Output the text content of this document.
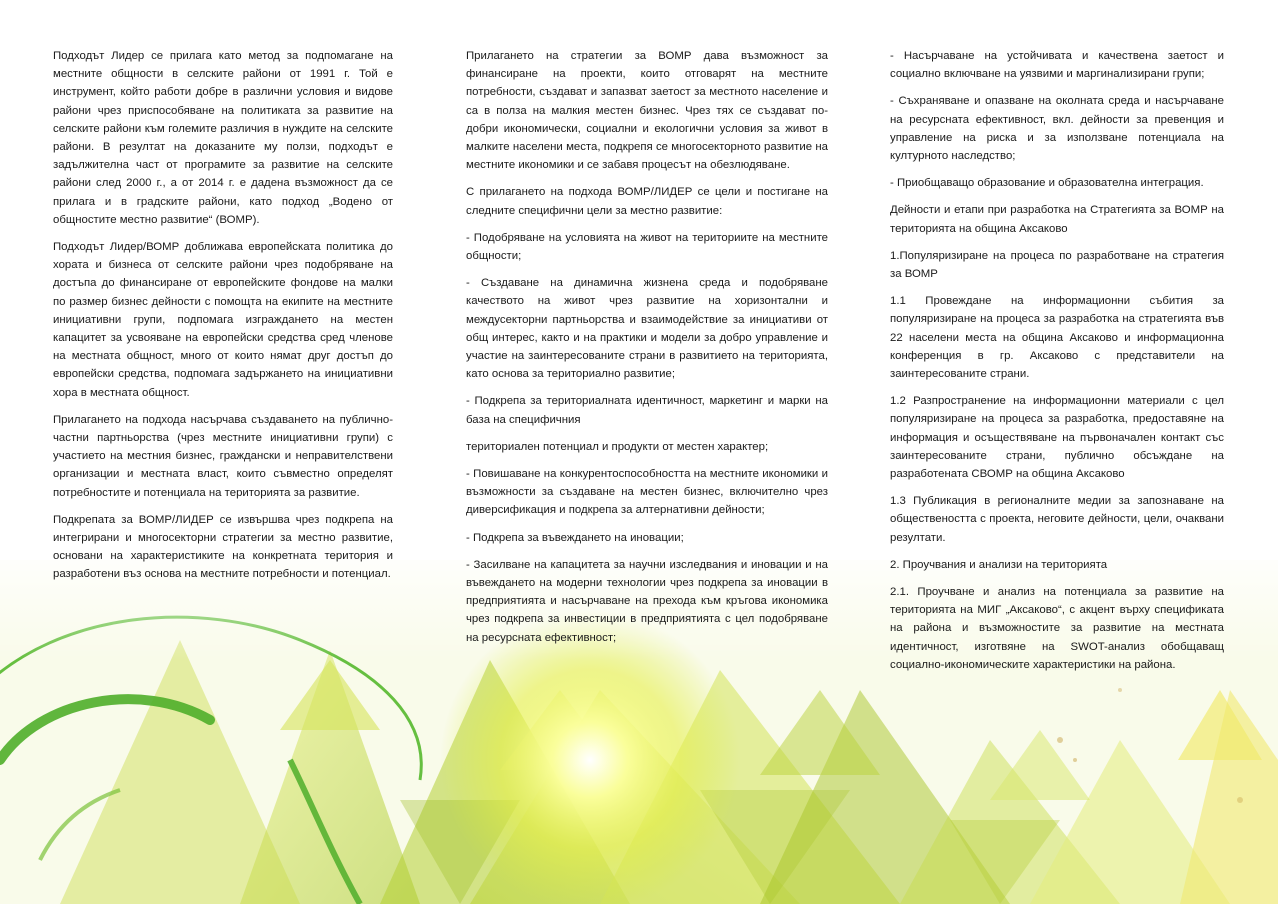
Подходът Лидер се прилага като метод за подпомагане на местните общности в селските райони от 1991 г. Той е инструмент, който работи добре в различни условия и видове райони чрез приспособяване на политиката за развитие на селските райони към големите различия в нуждите на селските райони. В резултат на доказаните му ползи, подходът е задължителна част от програмите за развитие на селските райони след 2000 г., а от 2014 г. е дадена възможност да се прилага и в градските райони, като подход „Водено от общностите местно развитие“ (ВОМР).

Подходът Лидер/ВОМР доближава европейската политика до хората и бизнеса от селските райони чрез подобряване на достъпа до финансиране от европейските фондове на малки по размер бизнес дейности с помощта на екипите на местните инициативни групи, подпомага изграждането на местен капацитет за усвояване на европейски средства сред членове на местната общност, много от които нямат друг достъп до европейски средства, подпомага задържането на инициативни хора в местната общност.

Прилагането на подхода насърчава създаването на публично-частни партньорства (чрез местните инициативни групи) с участието на местния бизнес, граждански и неправителствени организации и местната власт, които съвместно определят потребностите и потенциала на територията за развитие.

Подкрепата за ВОМР/ЛИДЕР се извършва чрез подкрепа на интегрирани и многосекторни стратегии за местно развитие, основани на характеристиките на конкретната територия и разработени въз основа на местните потребности и потенциал.

Прилагането на стратегии за ВОМР дава възможност за финансиране на проекти, които отговарят на местните потребности, създават и запазват заетост за местното население и са в полза на малкия местен бизнес. Чрез тях се създават по-добри икономически, социални и екологични условия за живот в малките населени места, подкрепя се многосекторното развитие на местните икономики и се забавя процесът на обезлюдяване.

С прилагането на подхода ВОМР/ЛИДЕР се цели и постигане на следните специфични цели за местно развитие:

- Подобряване на условията на живот на териториите на местните общности;

- Създаване на динамична жизнена среда и подобряване качеството на живот чрез развитие на хоризонтални и междусекторни партньорства и взаимодействие за инициативи от общ интерес, както и на практики и модели за добро управление и участие на заинтересованите страни в развитието на територията, като основа за териториално развитие;

- Подкрепа за териториалната идентичност, маркетинг и марки на база на специфичния

териториален потенциал и продукти от местен характер;

- Повишаване на конкурентоспособността на местните икономики и възможности за създаване на местен бизнес, включително чрез диверсификация и подкрепа за алтернативни дейности;

- Подкрепа за въвеждането на иновации;

- Засилване на капацитета за научни изследвания и иновации и на въвеждането на модерни технологии чрез подкрепа за иновации в предприятията и насърчаване на прехода към кръгова икономика чрез подкрепа за инвестиции в предприятията с цел подобряване на ресурсната ефективност;

- Насърчаване на устойчивата и качествена заетост и социално включване на уязвими и маргинализирани групи;

- Съхраняване и опазване на околната среда и насърчаване на ресурсната ефективност, вкл. дейности за превенция и управление на риска и за използване потенциала на културното наследство;

- Приобщаващо образование и образователна интеграция.

Дейности и етапи при разработка на Стратегията за ВОМР на територията на община Аксаково

1.Популяризиране на процеса по разработване на стратегия за ВОМР

1.1 Провеждане на информационни събития за популяризиране на процеса за разработка на стратегията във 22 населени места на община Аксаково и информационна конференция в гр. Аксаково с представители на заинтересованите страни.

1.2 Разпространение на информационни материали с цел популяризиране на процеса за разработка, предоставяне на информация и осъществяване на първоначален контакт със заинтересованите страни, публично обсъждане на разработената СВОМР на община Аксаково

1.3 Публикация в регионалните медии за запознаване на обществеността с проекта, неговите дейности, цели, очаквани резултати.

2. Проучвания и анализи на територията

2.1. Проучване и анализ на потенциала за развитие на територията на МИГ „Аксаково“, с акцент върху спецификата на района и възможностите за развитие на местната идентичност, изготвяне на SWOT-анализ обобщаващ социално-икономическите характеристики на района.
